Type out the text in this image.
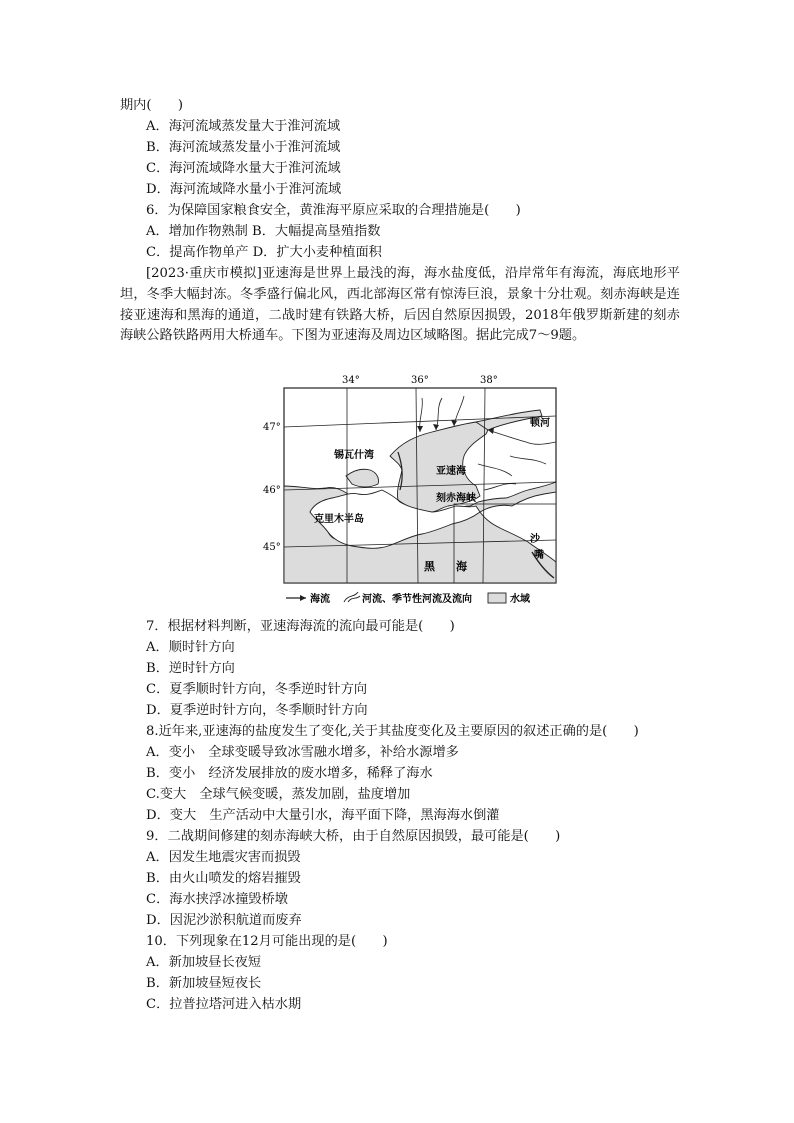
期内(　　)
A．海河流域蒸发量大于淮河流域
B．海河流域蒸发量小于淮河流域
C．海河流域降水量大于淮河流域
D．海河流域降水量小于淮河流域
6．为保障国家粮食安全，黄淮海平原应采取的合理措施是(　　)
A．增加作物熟制 B．大幅提高垦殖指数
C．提高作物单产 D．扩大小麦种植面积
[2023·重庆市模拟]亚速海是世界上最浅的海，海水盐度低，沿岸常年有海流，海底地形平坦，冬季大幅封冻。冬季盛行偏北风，西北部海区常有惊涛巨浪，景象十分壮观。刻赤海峡是连接亚速海和黑海的通道，二战时建有铁路大桥，后因自然原因损毁，2018年俄罗斯新建的刻赤海峡公路铁路两用大桥通车。下图为亚速海及周边区域略图。据此完成7～9题。
34°	36°	38°
47°
46°
45°
锡瓦什湾
亚速海
刻赤海峡
克里木半岛
黑 海
顿河
沙
嘴
海流	河流、季节性河流及流向	水域
7．根据材料判断，亚速海海流的流向最可能是(　　)
A．顺时针方向
B．逆时针方向
C．夏季顺时针方向，冬季逆时针方向
D．夏季逆时针方向，冬季顺时针方向
8.近年来,亚速海的盐度发生了变化,关于其盐度变化及主要原因的叙述正确的是(　　)
A．变小　全球变暖导致冰雪融水增多，补给水源增多
B．变小　经济发展排放的废水增多，稀释了海水
C.变大　全球气候变暖，蒸发加剧，盐度增加
D．变大　生产活动中大量引水，海平面下降，黑海海水倒灌
9．二战期间修建的刻赤海峡大桥，由于自然原因损毁，最可能是(　　)
A．因发生地震灾害而损毁
B．由火山喷发的熔岩摧毁
C．海水挟浮冰撞毁桥墩
D．因泥沙淤积航道而废弃
10．下列现象在12月可能出现的是(　　)
A．新加坡昼长夜短
B．新加坡昼短夜长
C．拉普拉塔河进入枯水期
